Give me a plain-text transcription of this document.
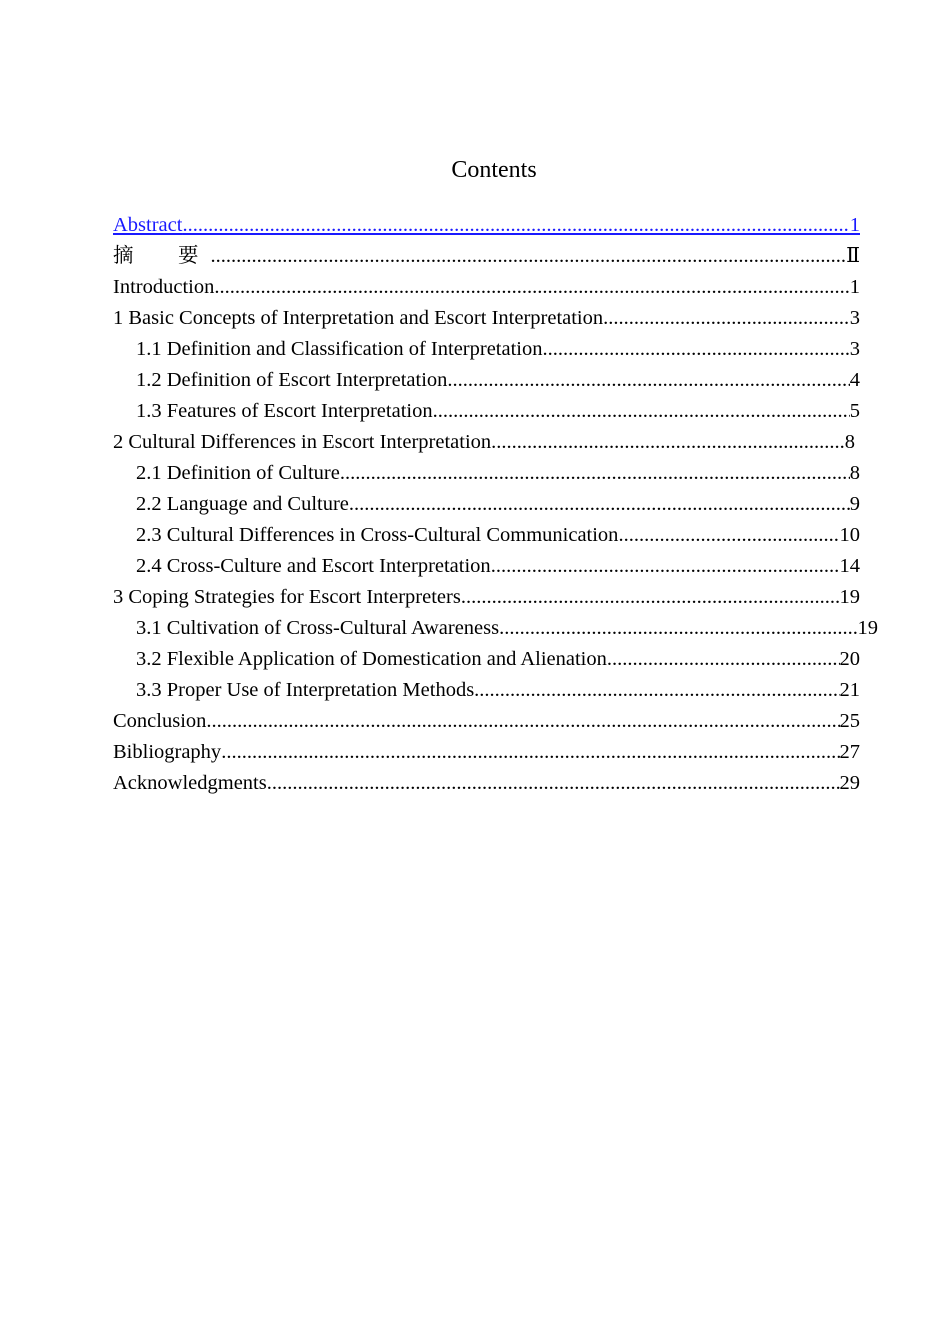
Contents
Abstract .....	1
摘　要 .....	Ⅱ
Introduction .....	1
1 Basic Concepts of Interpretation and Escort Interpretation .....	3
1.1 Definition and Classification of Interpretation .....	3
1.2 Definition of Escort Interpretation .....	4
1.3 Features of Escort Interpretation .....	5
2 Cultural Differences in Escort Interpretation .....	8
2.1 Definition of Culture .....	8
2.2 Language and Culture .....	9
2.3 Cultural Differences in Cross-Cultural Communication .....	10
2.4 Cross-Culture and Escort Interpretation .....	14
3 Coping Strategies for Escort Interpreters .....	19
3.1 Cultivation of Cross-Cultural Awareness .....	19
3.2 Flexible Application of Domestication and Alienation .....	20
3.3 Proper Use of Interpretation Methods .....	21
Conclusion .....	25
Bibliography .....	27
Acknowledgments .....	29
